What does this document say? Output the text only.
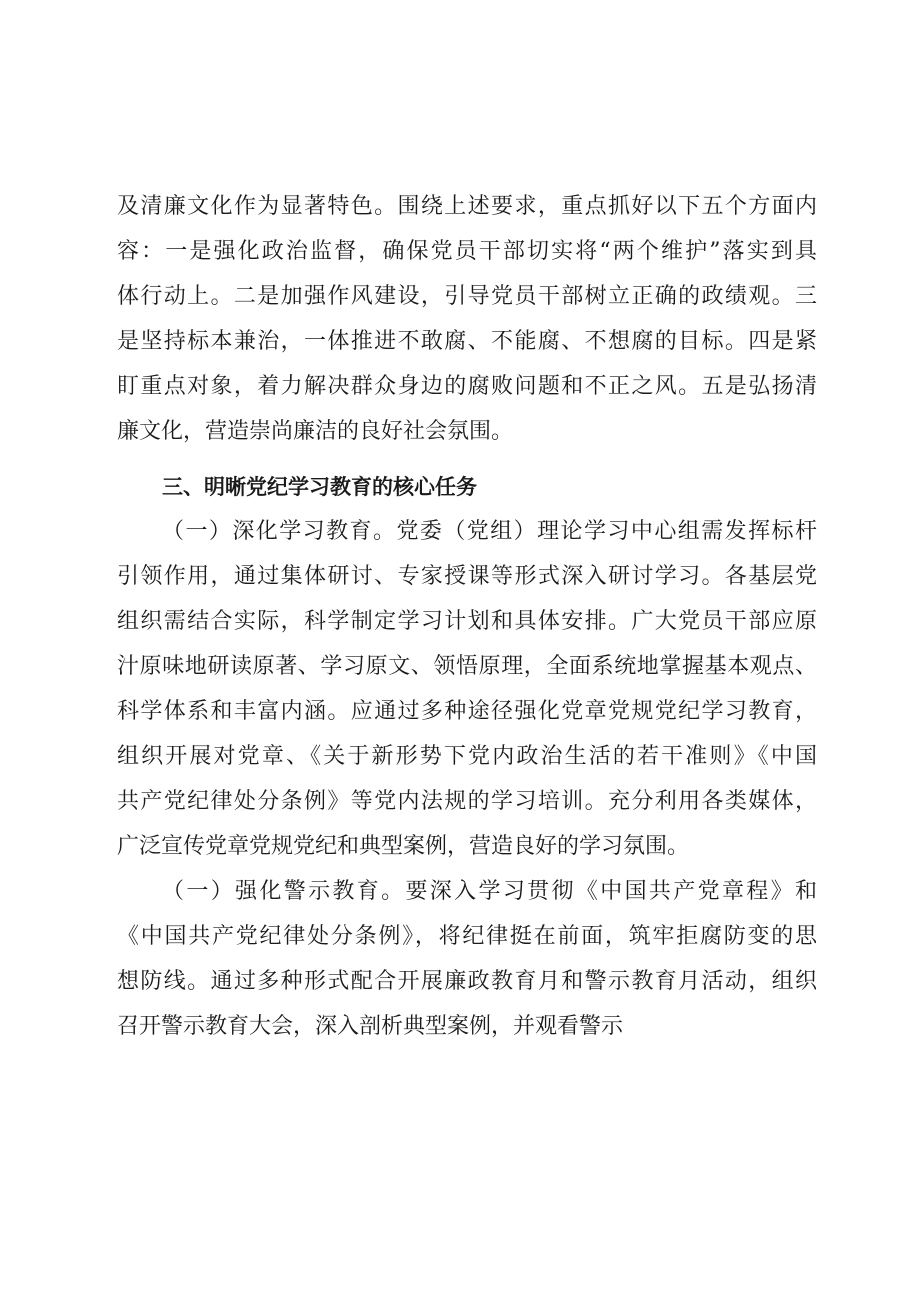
及清廉文化作为显著特色。围绕上述要求，重点抓好以下五个方面内
容：一是强化政治监督，确保党员干部切实将“两个维护”落实到具
体行动上。二是加强作风建设，引导党员干部树立正确的政绩观。三
是坚持标本兼治，一体推进不敢腐、不能腐、不想腐的目标。四是紧
盯重点对象，着力解决群众身边的腐败问题和不正之风。五是弘扬清
廉文化，营造崇尚廉洁的良好社会氛围。
三、明晰党纪学习教育的核心任务
（一）深化学习教育。党委（党组）理论学习中心组需发挥标杆
引领作用，通过集体研讨、专家授课等形式深入研讨学习。各基层党
组织需结合实际，科学制定学习计划和具体安排。广大党员干部应原
汁原味地研读原著、学习原文、领悟原理，全面系统地掌握基本观点、
科学体系和丰富内涵。应通过多种途径强化党章党规党纪学习教育，
组织开展对党章、《关于新形势下党内政治生活的若干准则》《中国
共产党纪律处分条例》等党内法规的学习培训。充分利用各类媒体，
广泛宣传党章党规党纪和典型案例，营造良好的学习氛围。
（一）强化警示教育。要深入学习贯彻《中国共产党章程》和
《中国共产党纪律处分条例》，将纪律挺在前面，筑牢拒腐防变的思
想防线。通过多种形式配合开展廉政教育月和警示教育月活动，组织
召开警示教育大会，深入剖析典型案例，并观看警示
